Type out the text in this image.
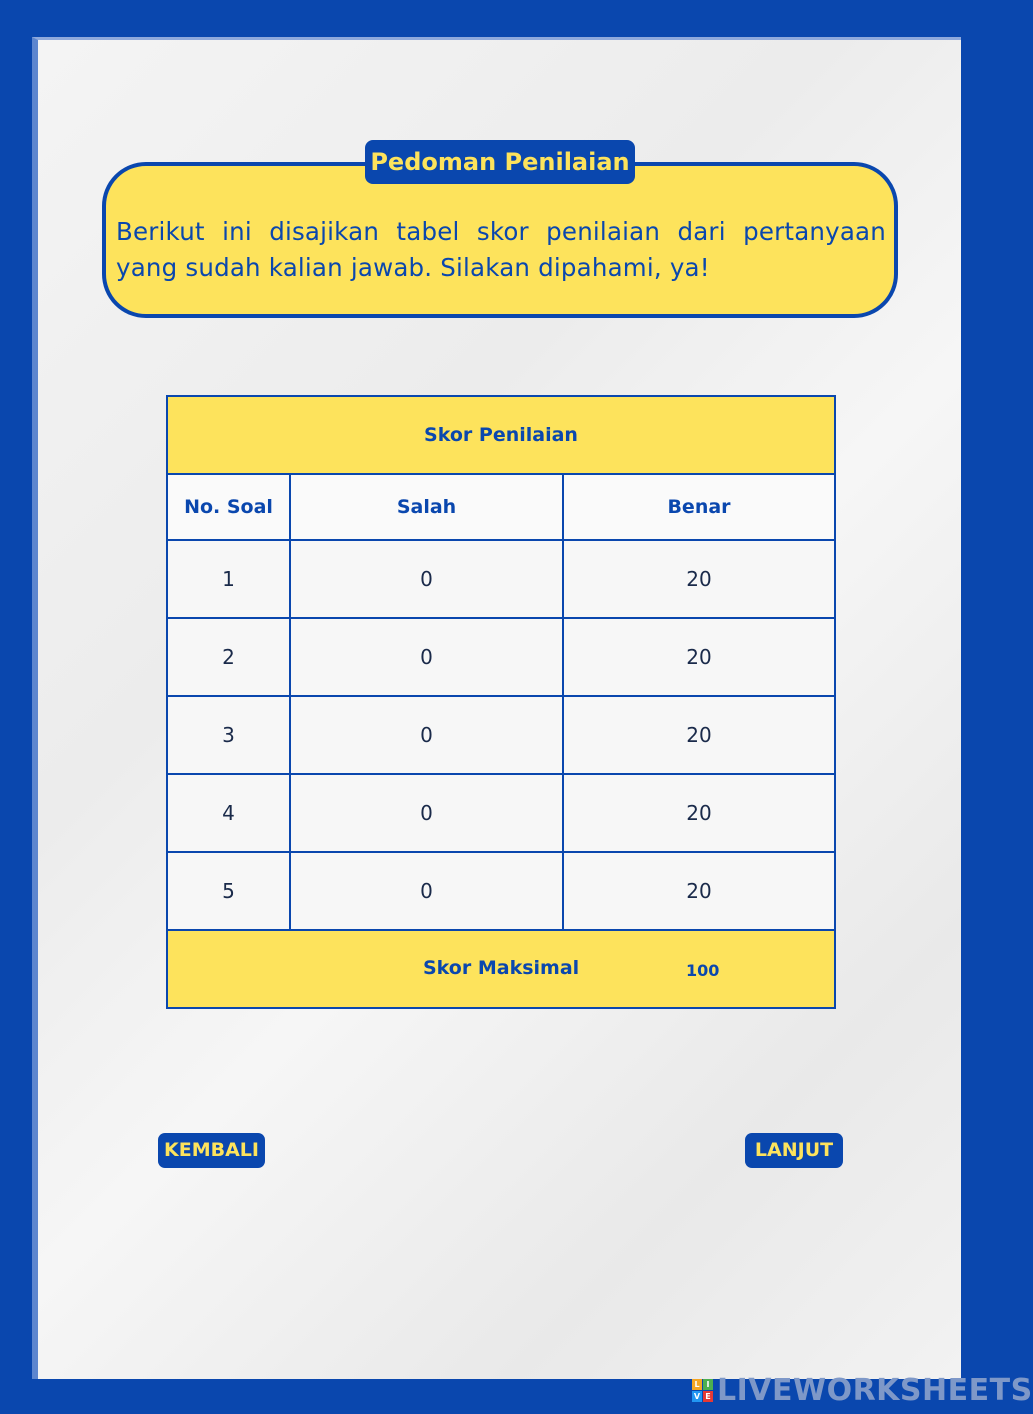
Berikut ini disajikan tabel skor penilaian dari pertanyaan yang sudah kalian jawab. Silakan dipahami, ya!
Pedoman Penilaian
Skor Penilaian		
No. Soal	Salah	Benar
1	0	20
2	0	20
3	0	20
4	0	20
5	0	20

Skor Maksimal 100		
KEMBALI	LANJUT
L I
V E LIVEWORKSHEETS
